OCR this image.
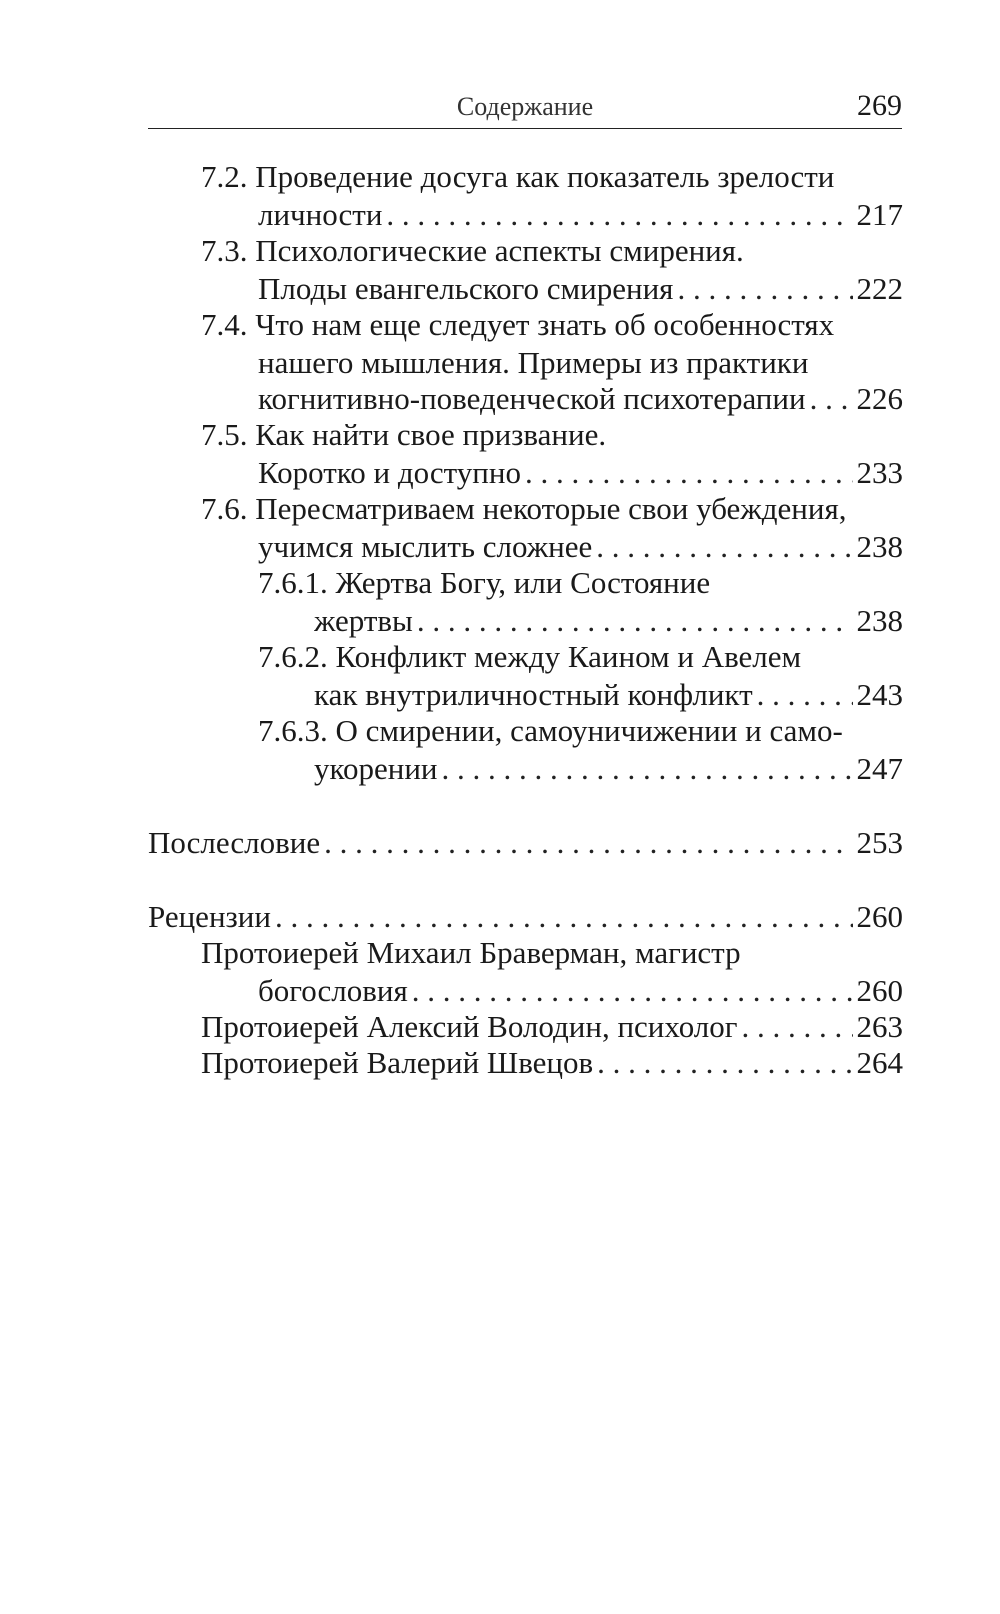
Содержание	269
7.2. Проведение досуга как показатель зрелости
личности . . .	217
7.3. Психологические аспекты смирения.
Плоды евангельского смирения . . .	222
7.4. Что нам еще следует знать об особенностях
нашего мышления. Примеры из практики
когнитивно-поведенческой психотерапии . . . 226
7.5. Как найти свое призвание.
Коротко и доступно . . .	233
7.6. Пересматриваем некоторые свои убеждения,
учимся мыслить сложнее . . .	238
7.6.1. Жертва Богу, или Состояние
жертвы . . .	238
7.6.2. Конфликт между Каином и Авелем
как внутриличностный конфликт . . .	243
7.6.3. О смирении, самоуничижении и само-
укорении . . .	247
Послесловие . . .	253
Рецензии . . .	260
Протоиерей Михаил Браверман, магистр
богословия . . .	260
Протоиерей Алексий Володин, психолог . . .	263
Протоиерей Валерий Швецов . . .	264
